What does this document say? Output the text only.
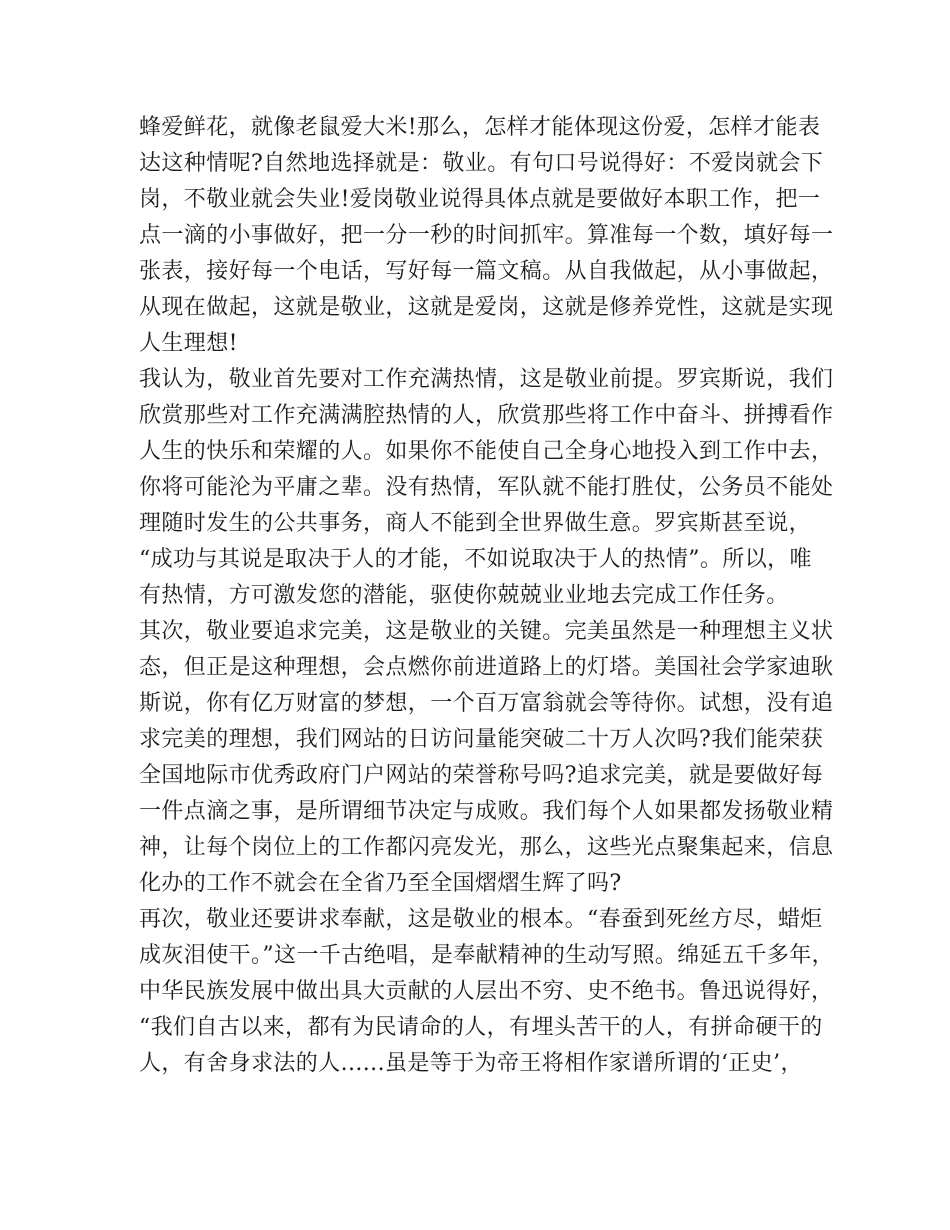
蜂爱鲜花，就像老鼠爱大米!那么，怎样才能体现这份爱，怎样才能表
达这种情呢?自然地选择就是：敬业。有句口号说得好：不爱岗就会下
岗，不敬业就会失业!爱岗敬业说得具体点就是要做好本职工作，把一
点一滴的小事做好，把一分一秒的时间抓牢。算准每一个数，填好每一
张表，接好每一个电话，写好每一篇文稿。从自我做起，从小事做起，
从现在做起，这就是敬业，这就是爱岗，这就是修养党性，这就是实现
人生理想!
我认为，敬业首先要对工作充满热情，这是敬业前提。罗宾斯说，我们
欣赏那些对工作充满满腔热情的人，欣赏那些将工作中奋斗、拼搏看作
人生的快乐和荣耀的人。如果你不能使自己全身心地投入到工作中去，
你将可能沦为平庸之辈。没有热情，军队就不能打胜仗，公务员不能处
理随时发生的公共事务，商人不能到全世界做生意。罗宾斯甚至说，
“成功与其说是取决于人的才能，不如说取决于人的热情”。所以，唯
有热情，方可激发您的潜能，驱使你兢兢业业地去完成工作任务。
其次，敬业要追求完美，这是敬业的关键。完美虽然是一种理想主义状
态，但正是这种理想，会点燃你前进道路上的灯塔。美国社会学家迪耿
斯说，你有亿万财富的梦想，一个百万富翁就会等待你。试想，没有追
求完美的理想，我们网站的日访问量能突破二十万人次吗?我们能荣获
全国地际市优秀政府门户网站的荣誉称号吗?追求完美，就是要做好每
一件点滴之事，是所谓细节决定与成败。我们每个人如果都发扬敬业精
神，让每个岗位上的工作都闪亮发光，那么，这些光点聚集起来，信息
化办的工作不就会在全省乃至全国熠熠生辉了吗?
再次，敬业还要讲求奉献，这是敬业的根本。“春蚕到死丝方尽，蜡炬
成灰泪使干。”这一千古绝唱，是奉献精神的生动写照。绵延五千多年，
中华民族发展中做出具大贡献的人层出不穷、史不绝书。鲁迅说得好，
“我们自古以来，都有为民请命的人，有埋头苦干的人，有拼命硬干的
人，有舍身求法的人......虽是等于为帝王将相作家谱所谓的‘正史’，
